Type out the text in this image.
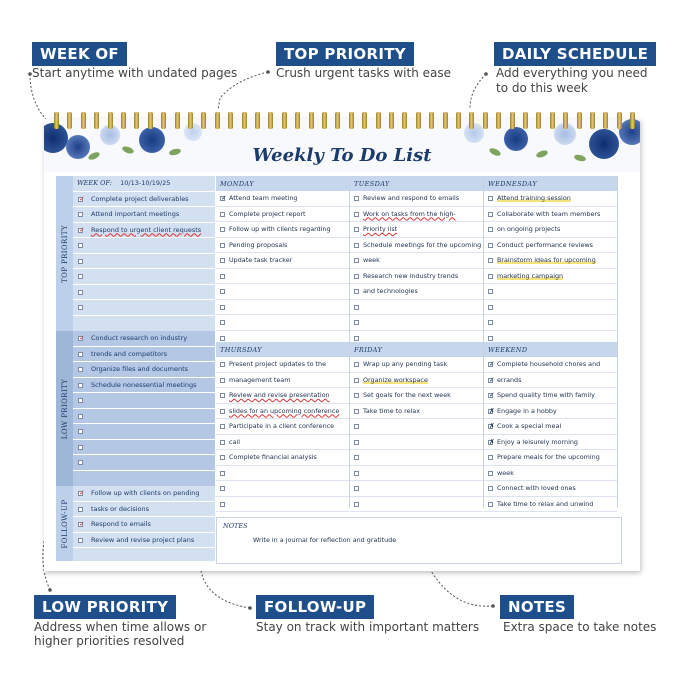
WEEK OF
Start anytime with undated pages
TOP PRIORITY
Crush urgent tasks with ease
DAILY SCHEDULE
Add everything you need
to do this week
LOW PRIORITY
Address when time allows or
higher priorities resolved
FOLLOW-UP
Stay on track with important matters
NOTES
Extra space to take notes
Weekly To Do List
TOP PRIORITY
WEEK OF: 10/13-10/19/25
✓ Complete project deliverables
Attend important meetings
✓ Respond to urgent client requests
LOW PRIORITY
✓ Conduct research on industry
trends and competitors
Organize files and documents
Schedule nonessential meetings
FOLLOW-UP
✓ Follow up with clients on pending
tasks or decisions
✓ Respond to emails
Review and revise project plans
MONDAY
✓ Attend team meeting
Complete project report
Follow up with clients regarding
Pending proposals
Update task tracker
TUESDAY
Review and respond to emails
Work on tasks from the high-
Priority list
Schedule meetings for the upcoming
week
Research new industry trends
and technologies
WEDNESDAY
Attend training session
Collaborate with team members
on ongoing projects
Conduct performance reviews
Brainstorm ideas for upcoming
marketing campaign
THURSDAY
Present project updates to the
management team
Review and revise presentation
slides for an upcoming conference
Participate in a client conference
call
Complete financial analysis
FRIDAY
Wrap up any pending task
Organize workspace
Set goals for the next week
Take time to relax
WEEKEND
✓ Complete household chores and
✓ errands
✓ Spend quality time with family
✗ Engage in a hobby
✗ Cook a special meal
✗ Enjoy a leisurely morning
Prepare meals for the upcoming
week
Connect with loved ones
Take time to relax and unwind
NOTES
Write in a journal for reflection and gratitude
